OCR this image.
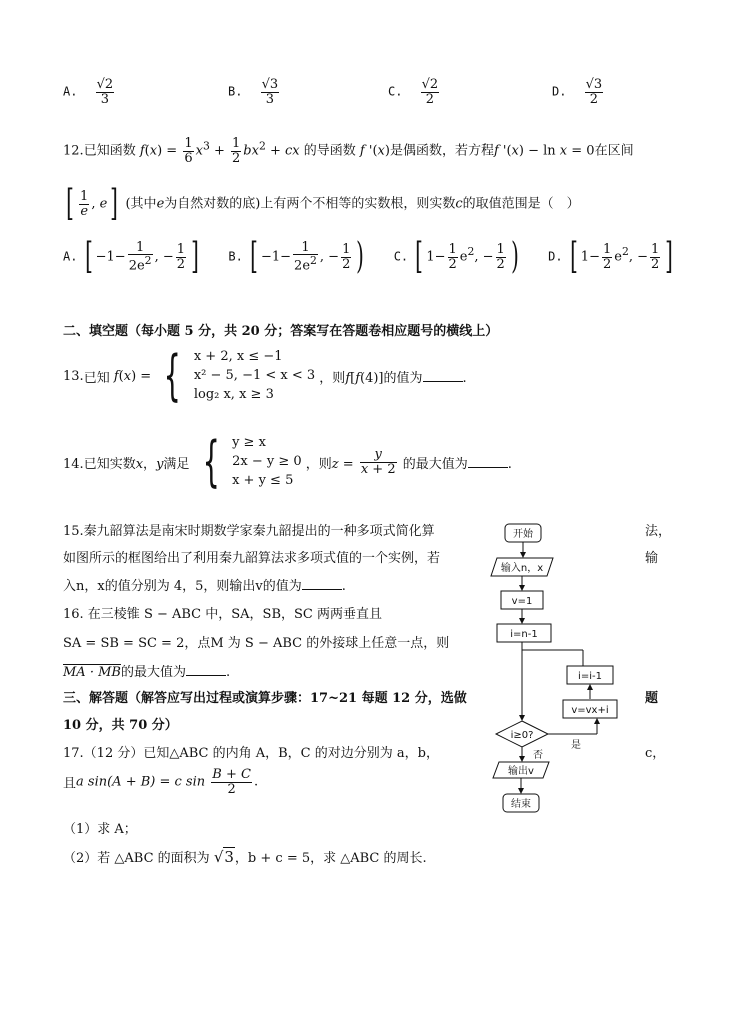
A. $\frac{√2}{3}$	B. $\frac{√3}{3}$	C. $\frac{√2}{2}$	D. $\frac{√3}{2}$
12.已知函数 $f(x) = \frac{1}{6} x^3 + \frac{1}{2} bx^2$ + cx 的导函数 f '(x)是偶函数，若方程f '(x) − ln x = 0在区间
[ $\frac{1}{e}$ , e] (其中e为自然对数的底)上有两个不相等的实数根，则实数c的取值范围是（　）
A. [ $-1- \frac{1}{2e^2}$ , − $\frac{1}{2}$ ] B. [ $-1- \frac{1}{2e^2}$ , − $\frac{1}{2}$ ) C. [ $1- \frac{1}{2} e^2$, − $\frac{1}{2}$ ) D. [ $1- \frac{1}{2} e^2$, − $\frac{1}{2}$ ]
二、填空题（每小题 5 分，共 20 分；答案写在答题卷相应题号的横线上）
13.已知 f(x) = { x + 2, x ≤ −1
x² − 5, −1 < x < 3
log₂ x, x ≥ 3
，则f[f(4)]的值为	.
14.已知实数x，y满足 { y ≥ x
2x − y ≥ 0
x + y ≤ 5
，则$z = \frac{y}{x + 2}$ 的最大值为	.
15.秦九韶算法是南宋时期数学家秦九韶提出的一种多项式简化算	法，
如图所示的框图给出了利用秦九韶算法求多项式值的一个实例，若	输
入n，x的值分别为 4，5，则输出v的值为	.
16. 在三棱锥 S − ABC 中，SA，SB，SC 两两垂直且
SA = SB = SC = 2，点M 为 S − ABC 的外接球上任意一点，则
MA · MB的最大值为	.
三、解答题（解答应写出过程或演算步骤：17~21 每题 12 分，选做	题
10 分，共 70 分）
17.（12 分）已知△ABC 的内角 A，B，C 的对边分别为 a，b，	c，
且a sin(A + B) = c $\sin \frac{B + C}{2}$ .
（1）求 A；
（2）若 △ABC 的面积为 √3，b + c = 5，求 △ABC 的周长.
开始
输入n，x
v=1
i=n-1
i=i-1
v=vx+i
i≥0?
是
否
输出v
结束
